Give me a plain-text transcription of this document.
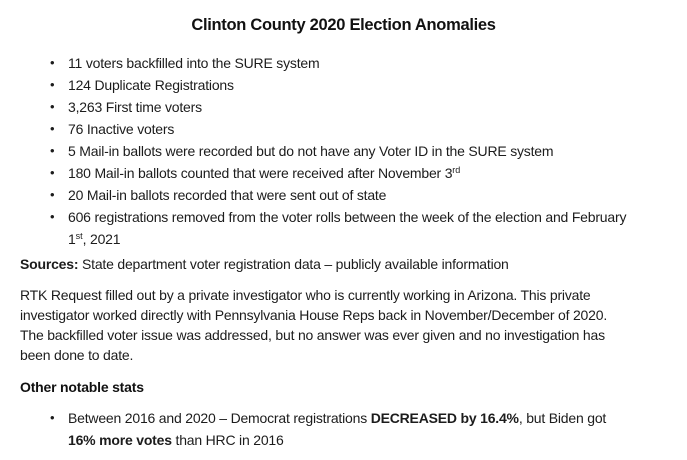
Clinton County 2020 Election Anomalies
• 11 voters backfilled into the SURE system
• 124 Duplicate Registrations
• 3,263 First time voters
• 76 Inactive voters
• 5 Mail-in ballots were recorded but do not have any Voter ID in the SURE system
• 180 Mail-in ballots counted that were received after November 3rd
• 20 Mail-in ballots recorded that were sent out of state
• 606 registrations removed from the voter rolls between the week of the election and February 1st, 2021

Sources: State department voter registration data – publicly available information

RTK Request filled out by a private investigator who is currently working in Arizona. This private investigator worked directly with Pennsylvania House Reps back in November/December of 2020. The backfilled voter issue was addressed, but no answer was ever given and no investigation has been done to date.

Other notable stats
• Between 2016 and 2020 – Democrat registrations DECREASED by 16.4%, but Biden got 16% more votes than HRC in 2016
